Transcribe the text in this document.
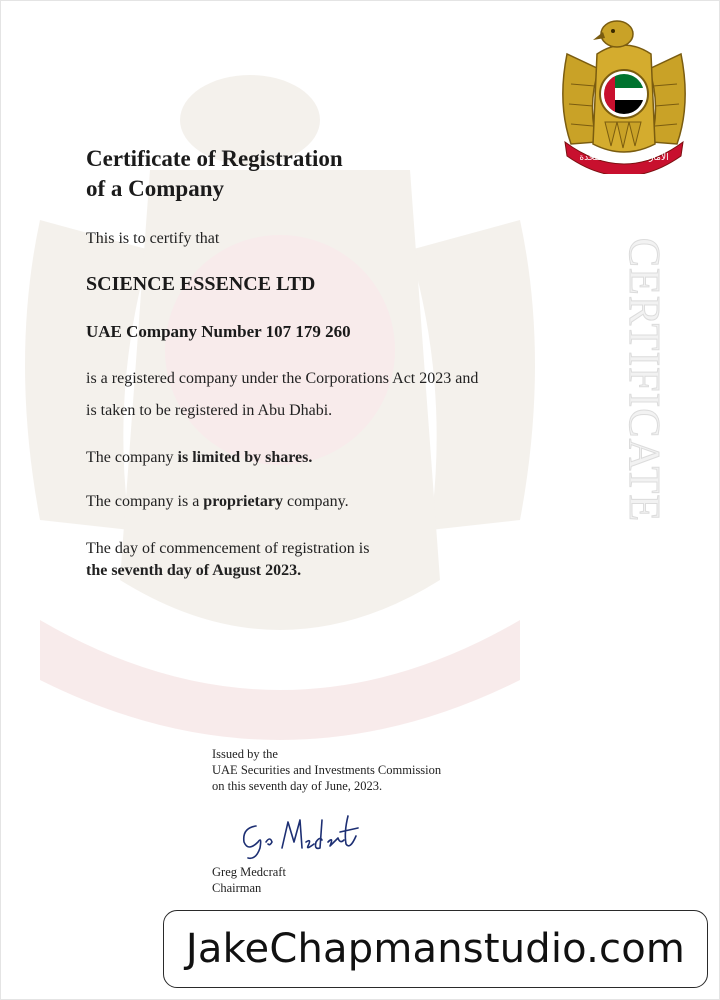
CERTIFICATE
الامارات العربية المتحدة
Certificate of Registration
of a Company
This is to certify that
SCIENCE ESSENCE LTD
UAE Company Number 107 179 260
is a registered company under the Corporations Act 2023 and
is taken to be registered in Abu Dhabi.
The company is limited by shares.
The company is a proprietary company.
The day of commencement of registration is
the seventh day of August 2023.
Issued by the
UAE Securities and Investments Commission
on this seventh day of June, 2023.
Greg Medcraft
Chairman
JakeChapmanstudio.com
